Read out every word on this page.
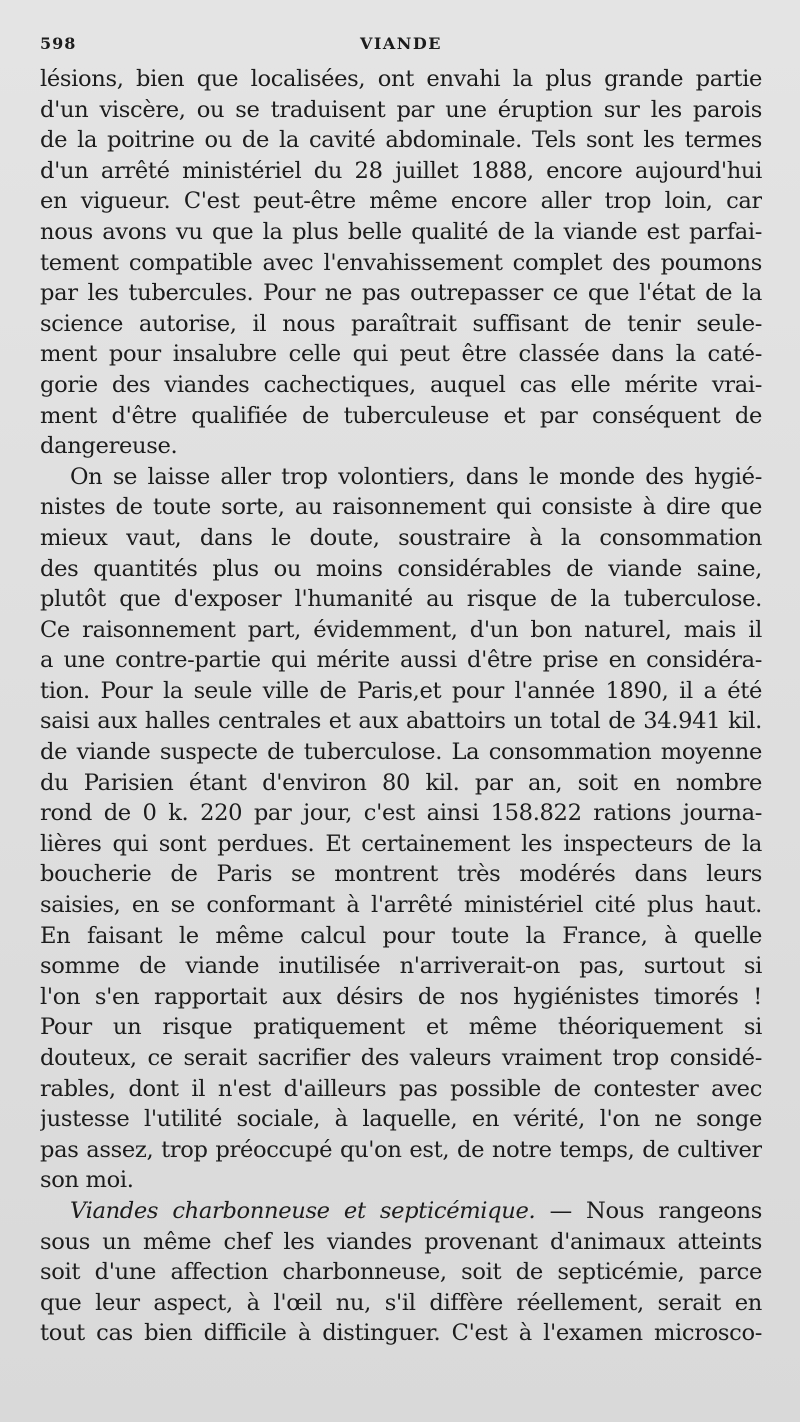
598	VIANDE

lésions, bien que localisées, ont envahi la plus grande partie

d'un viscère, ou se traduisent par une éruption sur les parois

de la poitrine ou de la cavité abdominale. Tels sont les termes

d'un arrêté ministériel du 28 juillet 1888, encore aujourd'hui

en vigueur. C'est peut-être même encore aller trop loin, car

nous avons vu que la plus belle qualité de la viande est parfai-

tement compatible avec l'envahissement complet des poumons

par les tubercules. Pour ne pas outrepasser ce que l'état de la

science autorise, il nous paraîtrait suffisant de tenir seule-

ment pour insalubre celle qui peut être classée dans la caté-

gorie des viandes cachectiques, auquel cas elle mérite vrai-

ment d'être qualifiée de tuberculeuse et par conséquent de

dangereuse.

On se laisse aller trop volontiers, dans le monde des hygié-

nistes de toute sorte, au raisonnement qui consiste à dire que

mieux vaut, dans le doute, soustraire à la consommation

des quantités plus ou moins considérables de viande saine,

plutôt que d'exposer l'humanité au risque de la tuberculose.

Ce raisonnement part, évidemment, d'un bon naturel, mais il

a une contre-partie qui mérite aussi d'être prise en considéra-

tion. Pour la seule ville de Paris,et pour l'année 1890, il a été

saisi aux halles centrales et aux abattoirs un total de 34.941 kil.

de viande suspecte de tuberculose. La consommation moyenne

du Parisien étant d'environ 80 kil. par an, soit en nombre

rond de 0 k. 220 par jour, c'est ainsi 158.822 rations journa-

lières qui sont perdues. Et certainement les inspecteurs de la

boucherie de Paris se montrent très modérés dans leurs

saisies, en se conformant à l'arrêté ministériel cité plus haut.

En faisant le même calcul pour toute la France, à quelle

somme de viande inutilisée n'arriverait-on pas, surtout si

l'on s'en rapportait aux désirs de nos hygiénistes timorés !

Pour un risque pratiquement et même théoriquement si

douteux, ce serait sacrifier des valeurs vraiment trop considé-

rables, dont il n'est d'ailleurs pas possible de contester avec

justesse l'utilité sociale, à laquelle, en vérité, l'on ne songe

pas assez, trop préoccupé qu'on est, de notre temps, de cultiver

son moi.

Viandes charbonneuse et septicémique. — Nous rangeons

sous un même chef les viandes provenant d'animaux atteints

soit d'une affection charbonneuse, soit de septicémie, parce

que leur aspect, à l'œil nu, s'il diffère réellement, serait en

tout cas bien difficile à distinguer. C'est à l'examen microsco-
